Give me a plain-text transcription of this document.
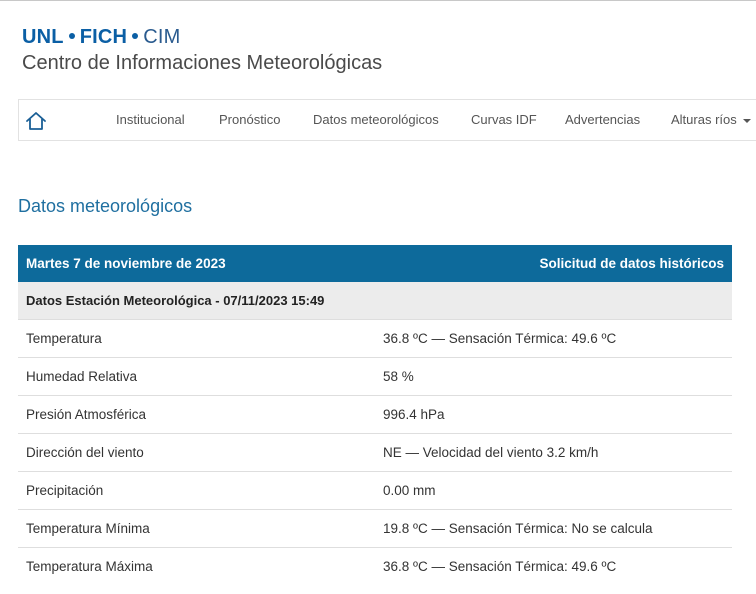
UNL FICH CIM
Centro de Informaciones Meteorológicas
Institucional	Pronóstico	Datos meteorológicos Curvas IDF Advertencias Alturas ríos
Datos meteorológicos
Martes 7 de noviembre de 2023	Solicitud de datos históricos
Datos Estación Meteorológica - 07/11/2023 15:49	
Temperatura	36.8 ºC — Sensación Térmica: 49.6 ºC
Humedad Relativa	58 %
Presión Atmosférica	996.4 hPa
Dirección del viento	NE — Velocidad del viento 3.2 km/h
Precipitación	0.00 mm
Temperatura Mínima	19.8 ºC — Sensación Térmica: No se calcula
Temperatura Máxima	36.8 ºC — Sensación Térmica: 49.6 ºC
